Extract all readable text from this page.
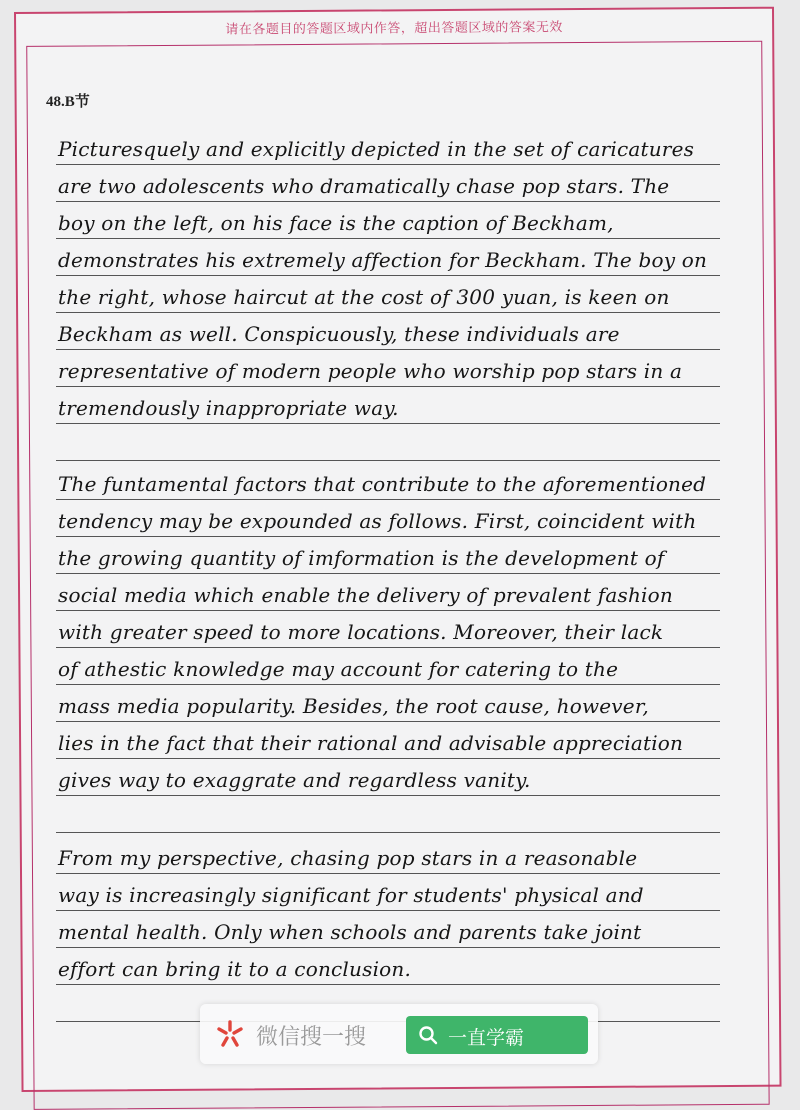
请在各题目的答题区域内作答，超出答题区域的答案无效
48.B节
Picturesquely and explicitly depicted in the set of caricatures
are two adolescents who dramatically chase pop stars. The
boy on the left, on his face is the caption of Beckham,
demonstrates his extremely affection for Beckham. The boy on
the right, whose haircut at the cost of 300 yuan, is keen on
Beckham as well. Conspicuously, these individuals are
representative of modern people who worship pop stars in a
tremendously inappropriate way.
The funtamental factors that contribute to the aforementioned
tendency may be expounded as follows. First, coincident with
the growing quantity of imformation is the development of
social media which enable the delivery of prevalent fashion
with greater speed to more locations. Moreover, their lack
of athestic knowledge may account for catering to the
mass media popularity. Besides, the root cause, however,
lies in the fact that their rational and advisable appreciation
gives way to exaggrate and regardless vanity.
From my perspective, chasing pop stars in a reasonable
way is increasingly significant for students' physical and
mental health. Only when schools and parents take joint
effort can bring it to a conclusion.
微信搜一搜	一直学霸
